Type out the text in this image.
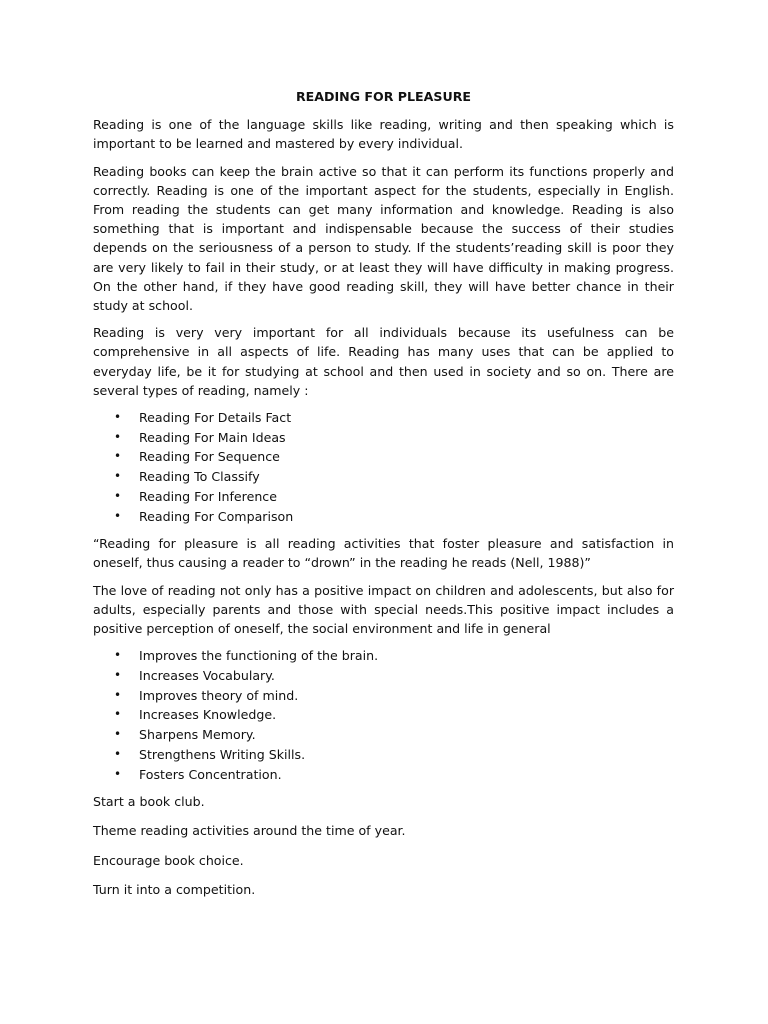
READING FOR PLEASURE

Reading is one of the language skills like reading, writing and then speaking which is important to be learned and mastered by every individual.

Reading books can keep the brain active so that it can perform its functions properly and correctly. Reading is one of the important aspect for the students, especially in English. From reading the students can get many information and knowledge. Reading is also something that is important and indispensable because the success of their studies depends on the seriousness of a person to study. If the students’reading skill is poor they are very likely to fail in their study, or at least they will have difficulty in making progress. On the other hand, if they have good reading skill, they will have better chance in their study at school.

Reading is very very important for all individuals because its usefulness can be comprehensive in all aspects of life. Reading has many uses that can be applied to everyday life, be it for studying at school and then used in society and so on. There are several types of reading, namely :

• Reading For Details Fact
• Reading For Main Ideas
• Reading For Sequence
• Reading To Classify
• Reading For Inference
• Reading For Comparison

“Reading for pleasure is all reading activities that foster pleasure and satisfaction in oneself, thus causing a reader to “drown” in the reading he reads (Nell, 1988)”

The love of reading not only has a positive impact on children and adolescents, but also for adults, especially parents and those with special needs.This positive impact includes a positive perception of oneself, the social environment and life in general

• Improves the functioning of the brain.
• Increases Vocabulary.
• Improves theory of mind.
• Increases Knowledge.
• Sharpens Memory.
• Strengthens Writing Skills.
• Fosters Concentration.

Start a book club.

Theme reading activities around the time of year.

Encourage book choice.

Turn it into a competition.
